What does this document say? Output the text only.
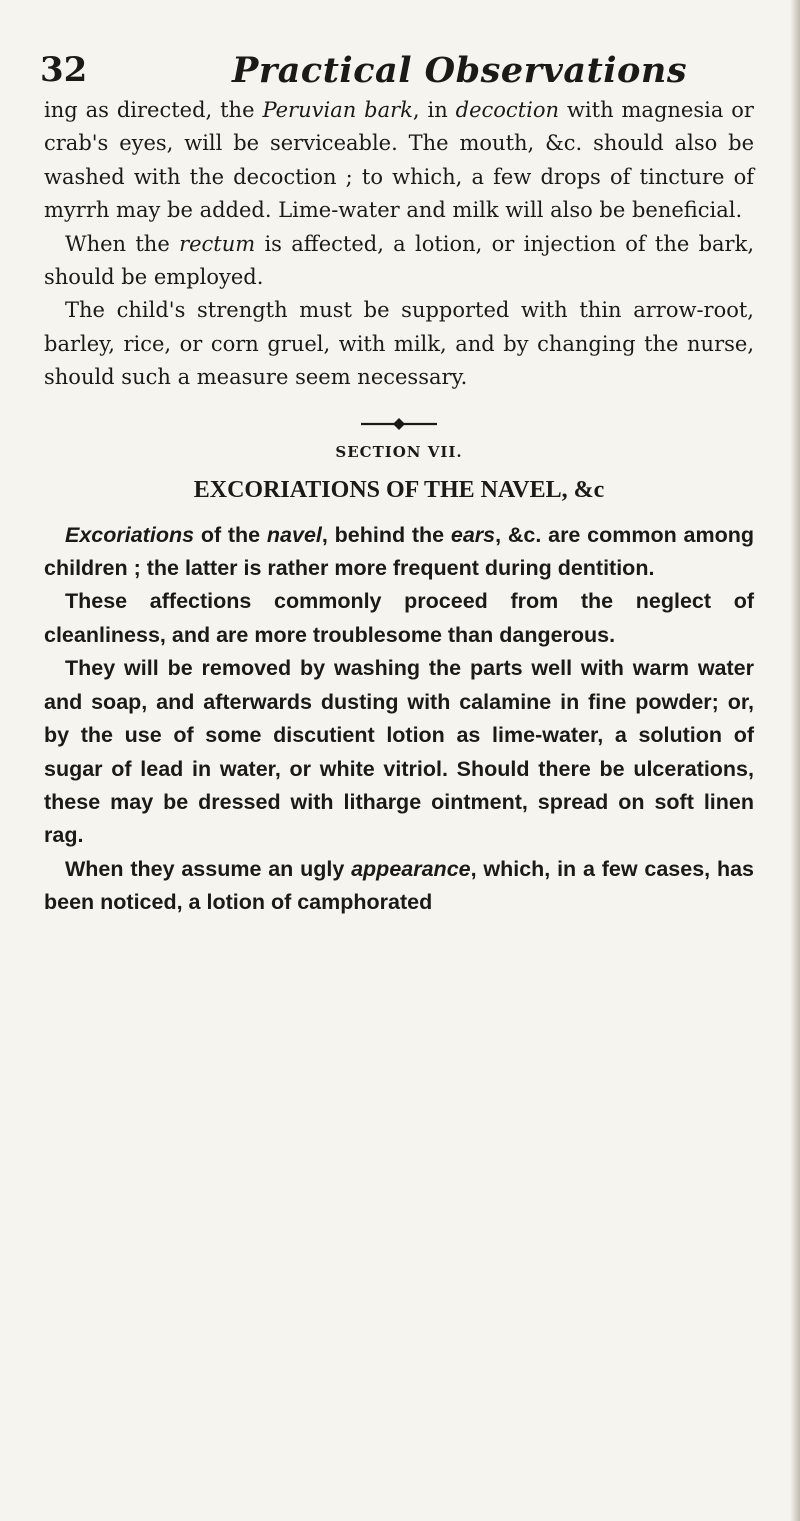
32	Practical Observations

ing as directed, the Peruvian bark, in decoction with magnesia or crab's eyes, will be serviceable. The mouth, &c. should also be washed with the decoction ; to which, a few drops of tincture of myrrh may be added. Lime-water and milk will also be beneficial.

When the rectum is affected, a lotion, or injection of the bark, should be employed.

The child's strength must be supported with thin arrow-root, barley, rice, or corn gruel, with milk, and by changing the nurse, should such a measure seem necessary.

SECTION VII.
EXCORIATIONS OF THE NAVEL, &c

Excoriations of the navel, behind the ears, &c. are common among children ; the latter is rather more frequent during dentition.

These affections commonly proceed from the neglect of cleanliness, and are more troublesome than dangerous.

They will be removed by washing the parts well with warm water and soap, and afterwards dusting with calamine in fine powder; or, by the use of some discutient lotion as lime-water, a solution of sugar of lead in water, or white vitriol. Should there be ulcerations, these may be dressed with litharge ointment, spread on soft linen rag.

When they assume an ugly appearance, which, in a few cases, has been noticed, a lotion of camphorated
